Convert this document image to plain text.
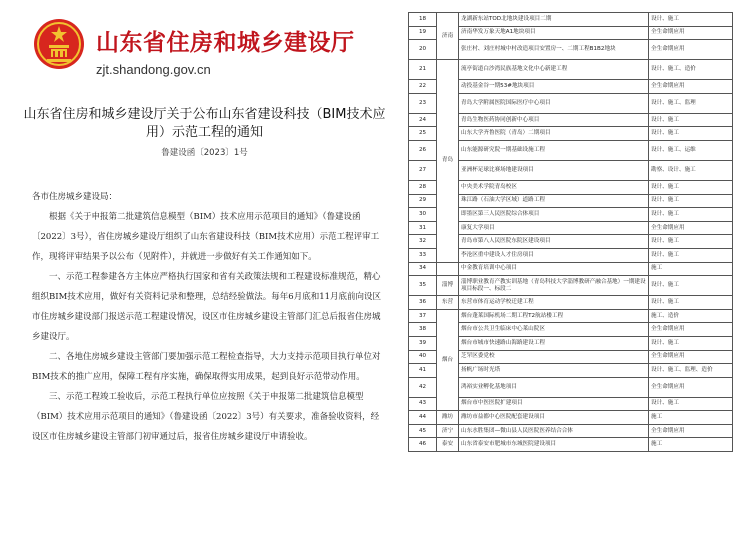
山东省住房和城乡建设厅
zjt.shandong.gov.cn
山东省住房和城乡建设厅关于公布山东省建设科技（BIM技术应用）示范工程的通知
鲁建设函〔2023〕1号
各市住房城乡建设局：

根据《关于申报第二批建筑信息模型（BIM）技术应用示范项目的通知》（鲁建设函〔2022〕3号），省住房城乡建设厅组织了山东省建设科技（BIM技术应用）示范工程评审工作，现将评审结果予以公布（见附件），并就进一步做好有关工作通知如下。

一、示范工程参建各方主体应严格执行国家和省有关政策法规和工程建设标准规范，精心组织BIM技术应用，做好有关资料记录和整理，总结经验做法。每年6月底和11月底前向设区市住房城乡建设部门报送示范工程建设情况，设区市住房城乡建设主管部门汇总后报省住房城乡建设厅。

二、各地住房城乡建设主管部门要加强示范工程检查指导，大力支持示范项目执行单位对BIM技术的推广应用，保障工程有序实施，确保取得实用成果，起到良好示范带动作用。

三、示范工程竣工验收后，示范工程执行单位应按照《关于申报第二批建筑信息模型（BIM）技术应用示范项目的通知》（鲁建设函〔2022〕3号）有关要求，准备验收资料，经设区市住房城乡建设主管部门初审通过后，报省住房城乡建设厅申请验收。

18	济南	龙湖新东站TOD北地块建设项目二期	设计、施工
19		济南华发万象天地A1地块项目	全生命期应用
20		张庄村、刘庄村城中村改造项目安置房一、二期工程B1B2地块	全生命期应用
21	青岛	流亭街道白沙湾民族基地文化中心新建工程	设计、施工、造价
22		动投基金谷一期53#地块项目	全生命期应用
23		青岛大学附属医院国际医疗中心项目	设计、施工、监理
24		青岛生物医药协同创新中心项目	设计、施工
25		山东大学齐鲁医院（青岛）二期项目	设计、施工
26		山东能源研究院一期基础设施工程	设计、施工、运维
27		亚洲杯足球比赛场地建设项目	勘察、设计、施工
28		中央美术学院青岛校区	设计、施工
29		珠江路（石油大学区域）道路工程	设计、施工
30		即墨区第三人民医院综合体项目	设计、施工
31		康复大学项目	全生命期应用
32		青岛市第八人民医院东院区建设项目	设计、施工
33		李沧区重中建设人才住房项目	设计、施工
34		中金教育培训中心项目	施工
35	淄博	淄博职业教育产教实训基地（青岛科技大学淄博教研产融合基地）一期建设项目标段一、标段二	设计、施工
36	东营	东营市体育运动学校迁建工程	设计、施工
37	烟台	烟台蓬莱国际机场二期工程T2航站楼工程	施工、造价
38		烟台市公共卫生临床中心莱山院区	全生命期应用
39		烟台市城市快速路山海路建设工程	设计、施工
40		芝罘区委党校	全生命期应用
41		扬帆广场时光塔	设计、施工、监理、造价
42		鸿裕实业孵化基地项目	全生命期应用
43		烟台市中医医院扩建项目	设计、施工
44	潍坊	潍坊市益都中心医院配套建设项目	施工
45	济宁	山东水胜集团—微山县人民医院医养结合合体	全生命期应用
46	泰安	山东省泰安市肥城市东城医院建设项目	施工
